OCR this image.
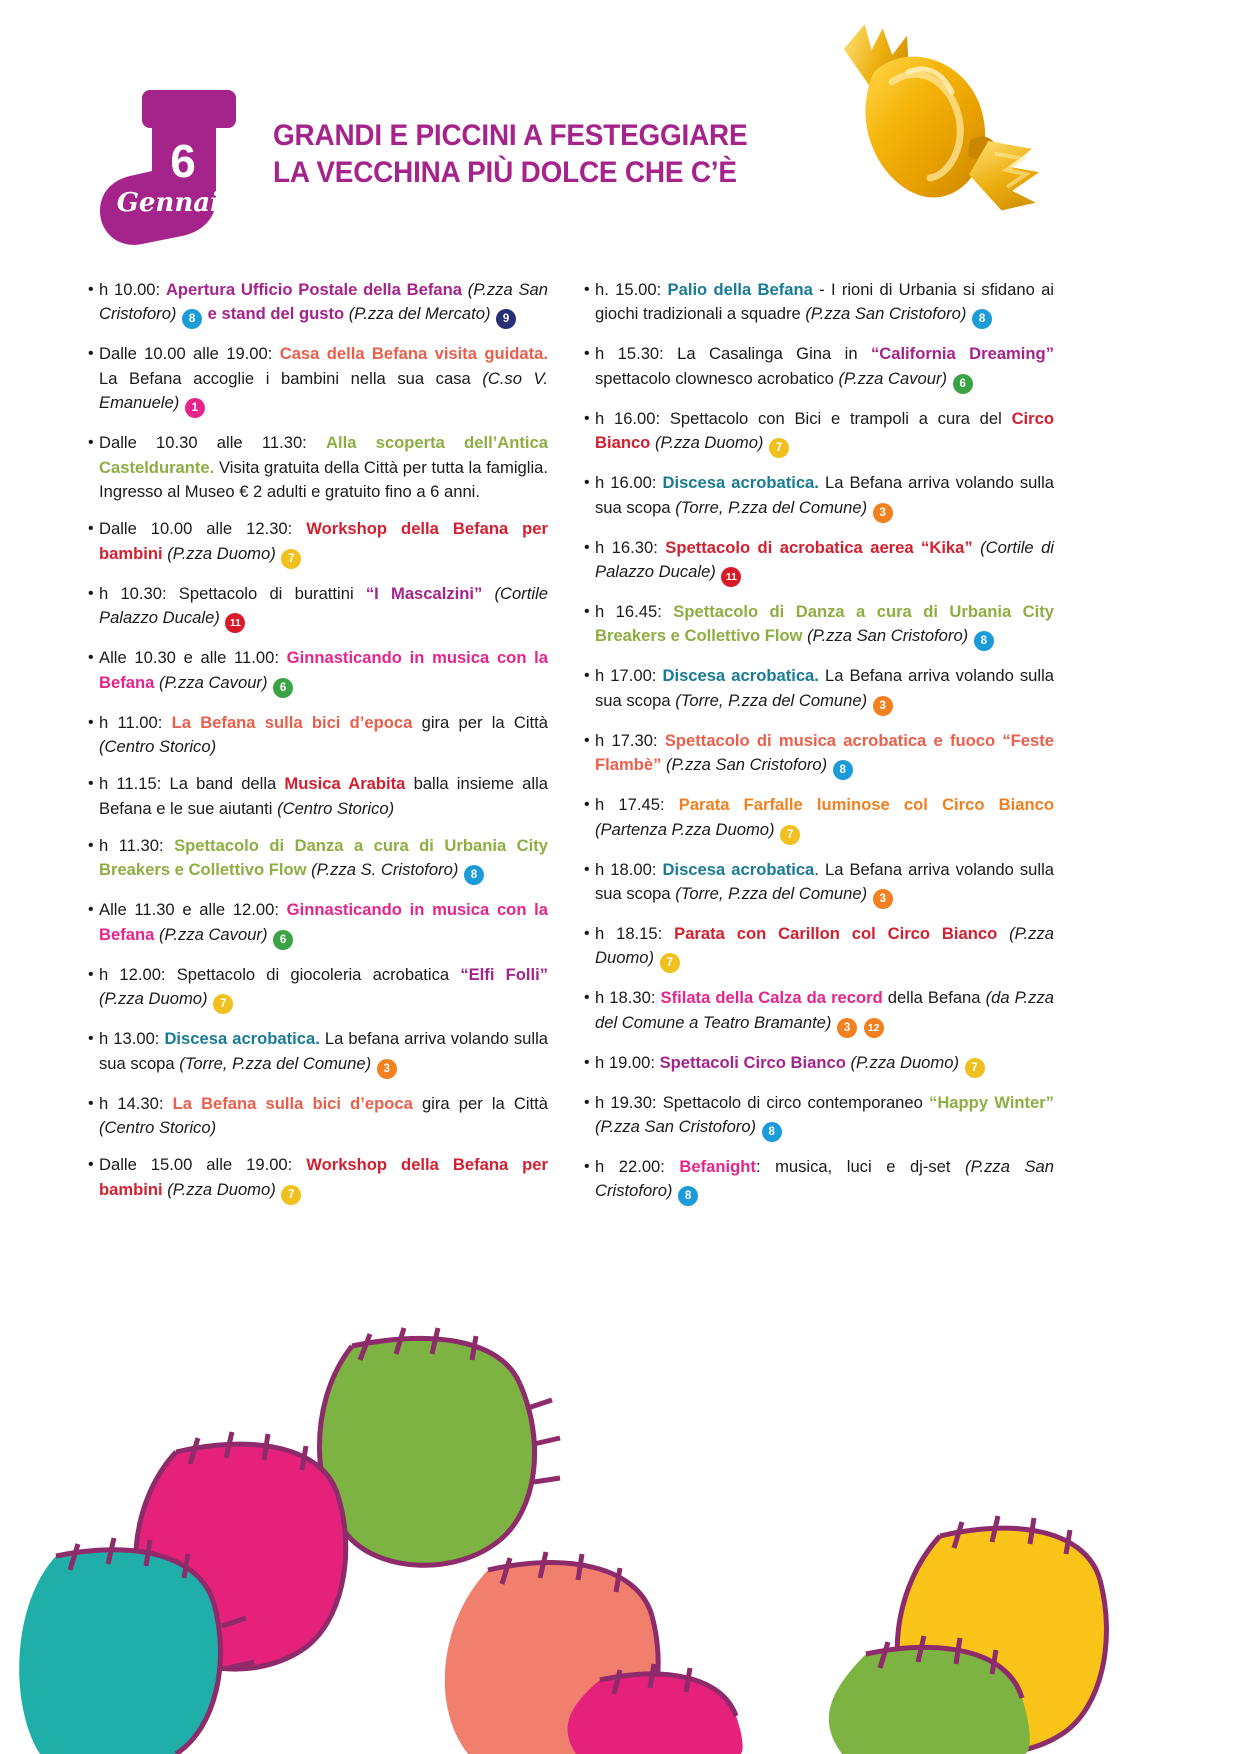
6
Gennaio
GRANDI E PICCINI A FESTEGGIARE
LA VECCHINA PIÙ DOLCE CHE C’È
• h 10.00: Apertura Ufficio Postale della Befana (P.zza San Cristoforo) 8 e stand del gusto (P.zza del Mercato) 9
• Dalle 10.00 alle 19.00: Casa della Befana visita guidata. La Befana accoglie i bambini nella sua casa (C.so V. Emanuele) 1
• Dalle 10.30 alle 11.30: Alla scoperta dell’Antica Casteldurante. Visita gratuita della Città per tutta la famiglia. Ingresso al Museo € 2 adulti e gratuito fino a 6 anni.
• Dalle 10.00 alle 12.30: Workshop della Befana per bambini (P.zza Duomo) 7
• h 10.30: Spettacolo di burattini “I Mascalzini” (Cortile Palazzo Ducale) 11
• Alle 10.30 e alle 11.00: Ginnasticando in musica con la Befana (P.zza Cavour) 6
• h 11.00: La Befana sulla bici d’epoca gira per la Città (Centro Storico)
• h 11.15: La band della Musica Arabita balla insieme alla Befana e le sue aiutanti (Centro Storico)
• h 11.30: Spettacolo di Danza a cura di Urbania City Breakers e Collettivo Flow (P.zza S. Cristoforo) 8
• Alle 11.30 e alle 12.00: Ginnasticando in musica con la Befana (P.zza Cavour) 6
• h 12.00: Spettacolo di giocoleria acrobatica “Elfi Folli” (P.zza Duomo) 7
• h 13.00: Discesa acrobatica. La befana arriva volando sulla sua scopa (Torre, P.zza del Comune) 3
• h 14.30: La Befana sulla bici d’epoca gira per la Città (Centro Storico)
• Dalle 15.00 alle 19.00: Workshop della Befana per bambini (P.zza Duomo) 7
• h. 15.00: Palio della Befana - I rioni di Urbania si sfidano ai giochi tradizionali a squadre (P.zza San Cristoforo) 8
• h 15.30: La Casalinga Gina in “California Dreaming” spettacolo clownesco acrobatico (P.zza Cavour) 6
• h 16.00: Spettacolo con Bici e trampoli a cura del Circo Bianco (P.zza Duomo) 7
• h 16.00: Discesa acrobatica. La Befana arriva volando sulla sua scopa (Torre, P.zza del Comune) 3
• h 16.30: Spettacolo di acrobatica aerea “Kika” (Cortile di Palazzo Ducale) 11
• h 16.45: Spettacolo di Danza a cura di Urbania City Breakers e Collettivo Flow (P.zza San Cristoforo) 8
• h 17.00: Discesa acrobatica. La Befana arriva volando sulla sua scopa (Torre, P.zza del Comune) 3
• h 17.30: Spettacolo di musica acrobatica e fuoco “Feste Flambè” (P.zza San Cristoforo) 8
• h 17.45: Parata Farfalle luminose col Circo Bianco (Partenza P.zza Duomo) 7
• h 18.00: Discesa acrobatica. La Befana arriva volando sulla sua scopa (Torre, P.zza del Comune) 3
• h 18.15: Parata con Carillon col Circo Bianco (P.zza Duomo) 7
• h 18.30: Sfilata della Calza da record della Befana (da P.zza del Comune a Teatro Bramante) 3 12
• h 19.00: Spettacoli Circo Bianco (P.zza Duomo) 7
• h 19.30: Spettacolo di circo contemporaneo “Happy Winter” (P.zza San Cristoforo) 8
• h 22.00: Befanight: musica, luci e dj-set (P.zza San Cristoforo) 8
